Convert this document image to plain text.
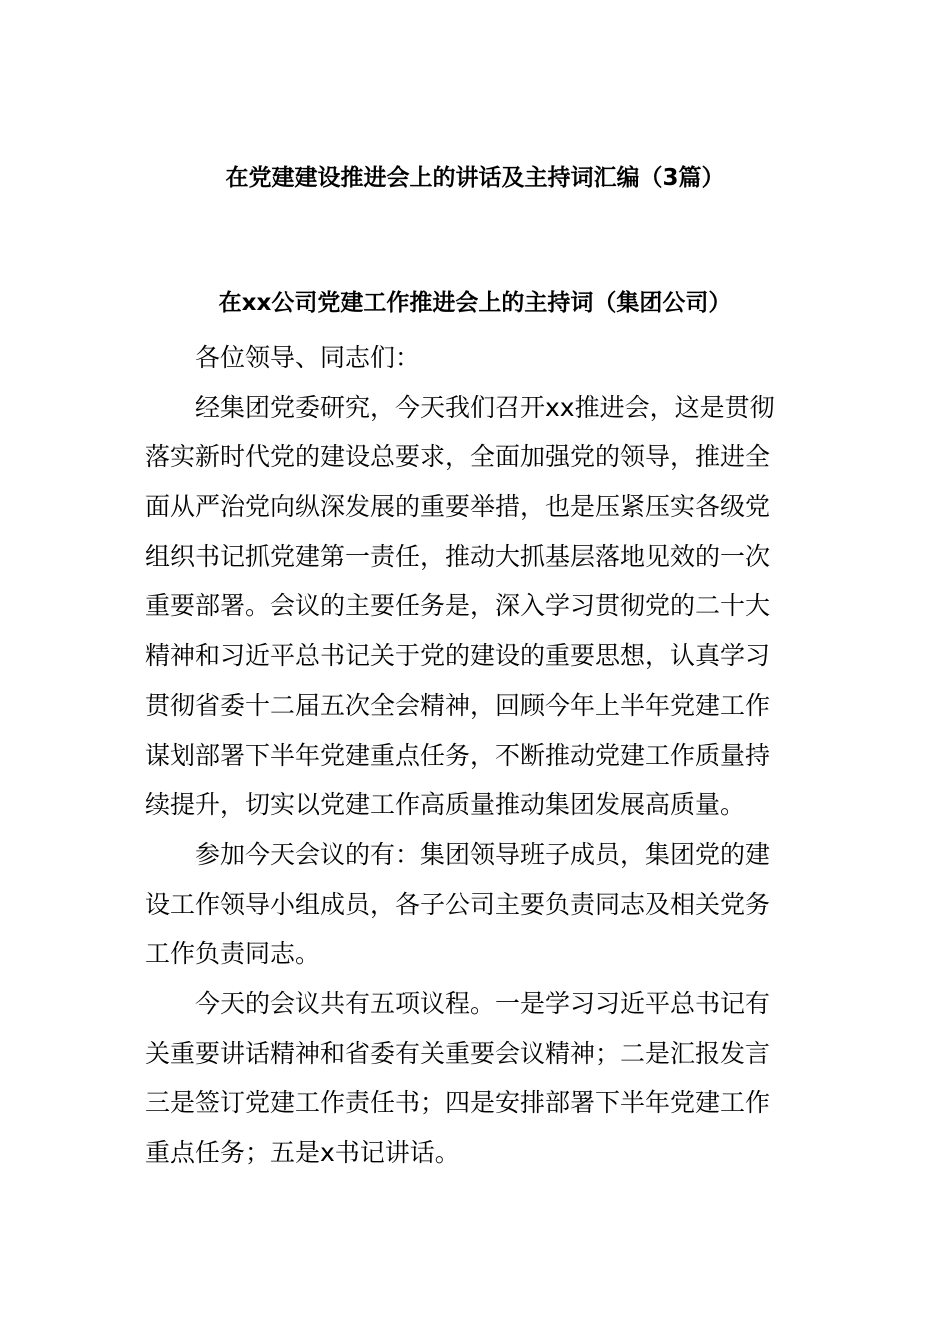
在党建建设推进会上的讲话及主持词汇编（3篇）
在xx公司党建工作推进会上的主持词（集团公司）
各位领导、同志们：
经集团党委研究，今天我们召开xx推进会，这是贯彻
落实新时代党的建设总要求，全面加强党的领导，推进全
面从严治党向纵深发展的重要举措，也是压紧压实各级党
组织书记抓党建第一责任，推动大抓基层落地见效的一次
重要部署。会议的主要任务是，深入学习贯彻党的二十大
精神和习近平总书记关于党的建设的重要思想，认真学习
贯彻省委十二届五次全会精神，回顾今年上半年党建工作
谋划部署下半年党建重点任务，不断推动党建工作质量持
续提升，切实以党建工作高质量推动集团发展高质量。
参加今天会议的有：集团领导班子成员，集团党的建
设工作领导小组成员，各子公司主要负责同志及相关党务
工作负责同志。
今天的会议共有五项议程。一是学习习近平总书记有
关重要讲话精神和省委有关重要会议精神；二是汇报发言
三是签订党建工作责任书；四是安排部署下半年党建工作
重点任务；五是x书记讲话。
